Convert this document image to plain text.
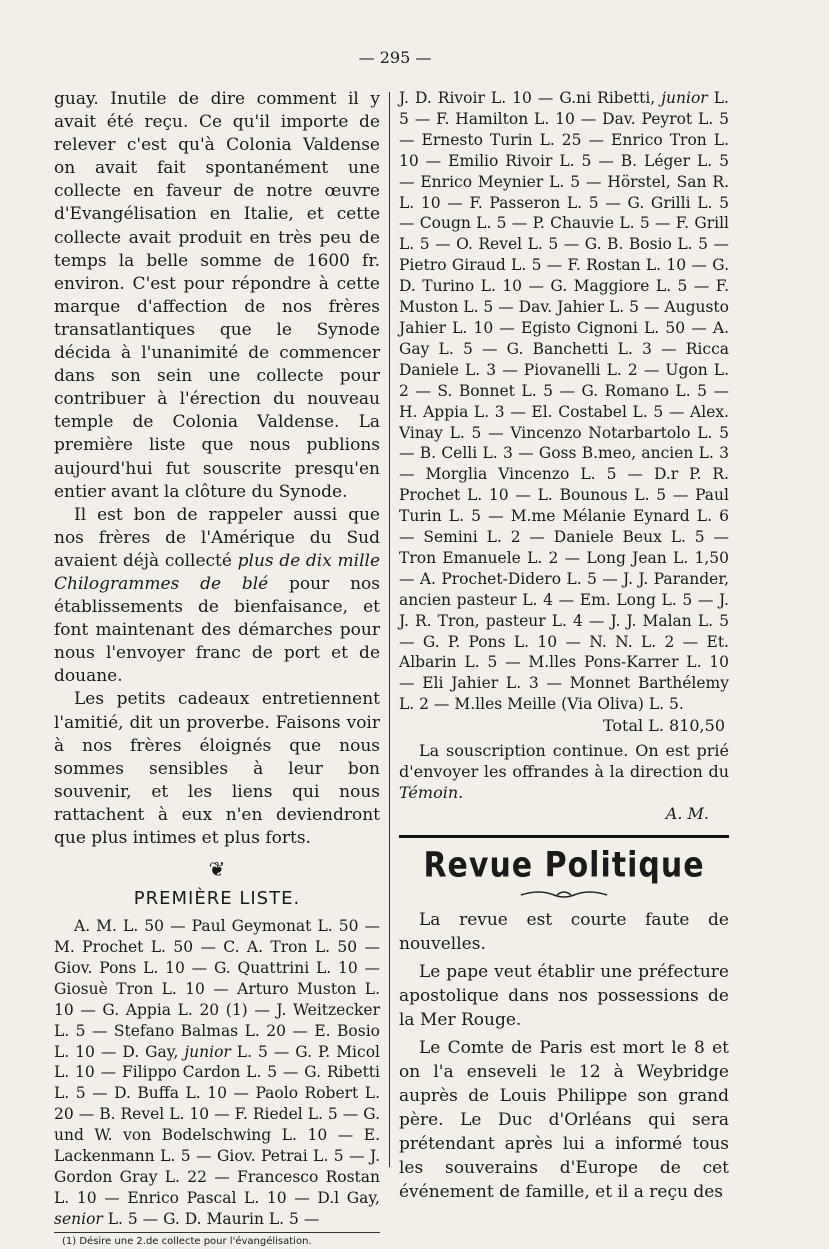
— 295 —

guay. Inutile de dire comment il y avait été reçu. Ce qu'il importe de relever c'est qu'à Colonia Valdense on avait fait spontanément une collecte en faveur de notre œuvre d'Evangélisation en Italie, et cette collecte avait produit en très peu de temps la belle somme de 1600 fr. environ. C'est pour répondre à cette marque d'affection de nos frères transatlantiques que le Synode décida à l'unanimité de commencer dans son sein une collecte pour contribuer à l'érection du nouveau temple de Colonia Valdense. La première liste que nous publions aujourd'hui fut souscrite presqu'en entier avant la clôture du Synode.

Il est bon de rappeler aussi que nos frères de l'Amérique du Sud avaient déjà collecté plus de dix mille Chilogrammes de blé pour nos établissements de bienfaisance, et font maintenant des démarches pour nous l'envoyer franc de port et de douane.

Les petits cadeaux entretiennent l'amitié, dit un proverbe. Faisons voir à nos frères éloignés que nous sommes sensibles à leur bon souvenir, et les liens qui nous rattachent à eux n'en deviendront que plus intimes et plus forts.

❦
PREMIÈRE LISTE.

A. M. L. 50 — Paul Geymonat L. 50 — M. Prochet L. 50 — C. A. Tron L. 50 — Giov. Pons L. 10 — G. Quattrini L. 10 — Giosuè Tron L. 10 — Arturo Muston L. 10 — G. Appia L. 20 (1) — J. Weitzecker L. 5 — Stefano Balmas L. 20 — E. Bosio L. 10 — D. Gay, junior L. 5 — G. P. Micol L. 10 — Filippo Cardon L. 5 — G. Ribetti L. 5 — D. Buffa L. 10 — Paolo Robert L. 20 — B. Revel L. 10 — F. Riedel L. 5 — G. und W. von Bodelschwing L. 10 — E. Lackenmann L. 5 — Giov. Petrai L. 5 — J. Gordon Gray L. 22 — Francesco Rostan L. 10 — Enrico Pascal L. 10 — D.l Gay, senior L. 5 — G. D. Maurin L. 5 —

(1) Désire une 2.de collecte pour l'évangélisation.

J. D. Rivoir L. 10 — G.ni Ribetti, junior L. 5 — F. Hamilton L. 10 — Dav. Peyrot L. 5 — Ernesto Turin L. 25 — Enrico Tron L. 10 — Emilio Rivoir L. 5 — B. Léger L. 5 — Enrico Meynier L. 5 — Hörstel, San R. L. 10 — F. Passeron L. 5 — G. Grilli L. 5 — Cougn L. 5 — P. Chauvie L. 5 — F. Grill L. 5 — O. Revel L. 5 — G. B. Bosio L. 5 — Pietro Giraud L. 5 — F. Rostan L. 10 — G. D. Turino L. 10 — G. Maggiore L. 5 — F. Muston L. 5 — Dav. Jahier L. 5 — Augusto Jahier L. 10 — Egisto Cignoni L. 50 — A. Gay L. 5 — G. Banchetti L. 3 — Ricca Daniele L. 3 — Piovanelli L. 2 — Ugon L. 2 — S. Bonnet L. 5 — G. Romano L. 5 — H. Appia L. 3 — El. Costabel L. 5 — Alex. Vinay L. 5 — Vincenzo Notarbartolo L. 5 — B. Celli L. 3 — Goss B.meo, ancien L. 3 — Morglia Vincenzo L. 5 — D.r P. R. Prochet L. 10 — L. Bounous L. 5 — Paul Turin L. 5 — M.me Mélanie Eynard L. 6 — Semini L. 2 — Daniele Beux L. 5 — Tron Emanuele L. 2 — Long Jean L. 1,50 — A. Prochet-Didero L. 5 — J. J. Parander, ancien pasteur L. 4 — Em. Long L. 5 — J. J. R. Tron, pasteur L. 4 — J. J. Malan L. 5 — G. P. Pons L. 10 — N. N. L. 2 — Et. Albarin L. 5 — M.lles Pons-Karrer L. 10 — Eli Jahier L. 3 — Monnet Barthélemy L. 2 — M.lles Meille (Via Oliva) L. 5.

Total L. 810,50

La souscription continue. On est prié d'envoyer les offrandes à la direction du Témoin.

A. M.
Revue Politique

La revue est courte faute de nouvelles.

Le pape veut établir une préfecture apostolique dans nos possessions de la Mer Rouge.

Le Comte de Paris est mort le 8 et on l'a enseveli le 12 à Weybridge auprès de Louis Philippe son grand père. Le Duc d'Orléans qui sera prétendant après lui a informé tous les souverains d'Europe de cet événement de famille, et il a reçu des
